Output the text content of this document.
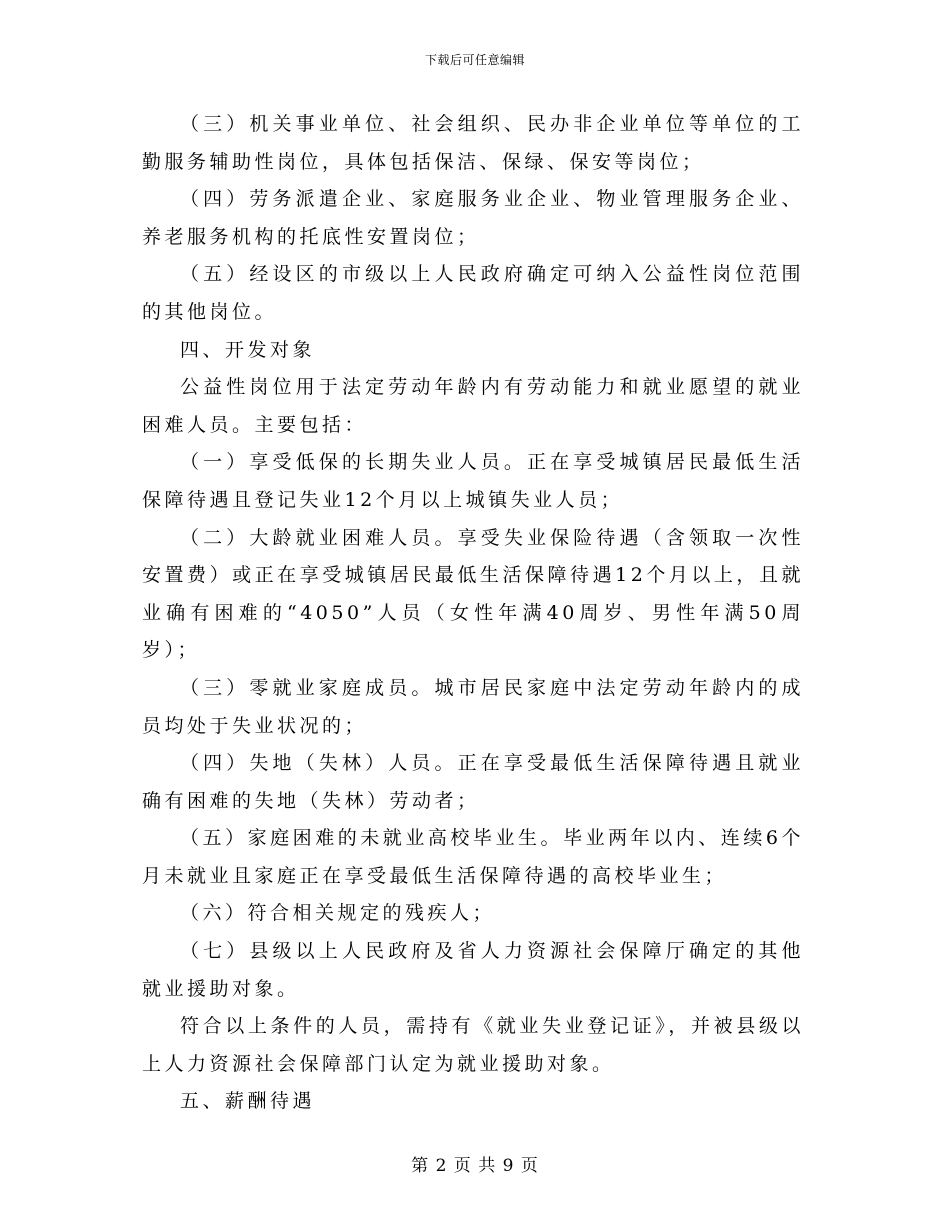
下载后可任意编辑

（三）机关事业单位、社会组织、民办非企业单位等单位的工勤服务辅助性岗位，具体包括保洁、保绿、保安等岗位；

（四）劳务派遣企业、家庭服务业企业、物业管理服务企业、养老服务机构的托底性安置岗位；

（五）经设区的市级以上人民政府确定可纳入公益性岗位范围的其他岗位。

四、开发对象

公益性岗位用于法定劳动年龄内有劳动能力和就业愿望的就业困难人员。主要包括：

（一）享受低保的长期失业人员。正在享受城镇居民最低生活保障待遇且登记失业12个月以上城镇失业人员；

（二）大龄就业困难人员。享受失业保险待遇（含领取一次性安置费）或正在享受城镇居民最低生活保障待遇12个月以上，且就业确有困难的“4050”人员（女性年满40周岁、男性年满50周岁）；

（三）零就业家庭成员。城市居民家庭中法定劳动年龄内的成员均处于失业状况的；

（四）失地（失林）人员。正在享受最低生活保障待遇且就业确有困难的失地（失林）劳动者；

（五）家庭困难的未就业高校毕业生。毕业两年以内、连续6个月未就业且家庭正在享受最低生活保障待遇的高校毕业生；

（六）符合相关规定的残疾人；

（七）县级以上人民政府及省人力资源社会保障厅确定的其他就业援助对象。

符合以上条件的人员，需持有《就业失业登记证》，并被县级以上人力资源社会保障部门认定为就业援助对象。

五、薪酬待遇

第 2 页 共 9 页
